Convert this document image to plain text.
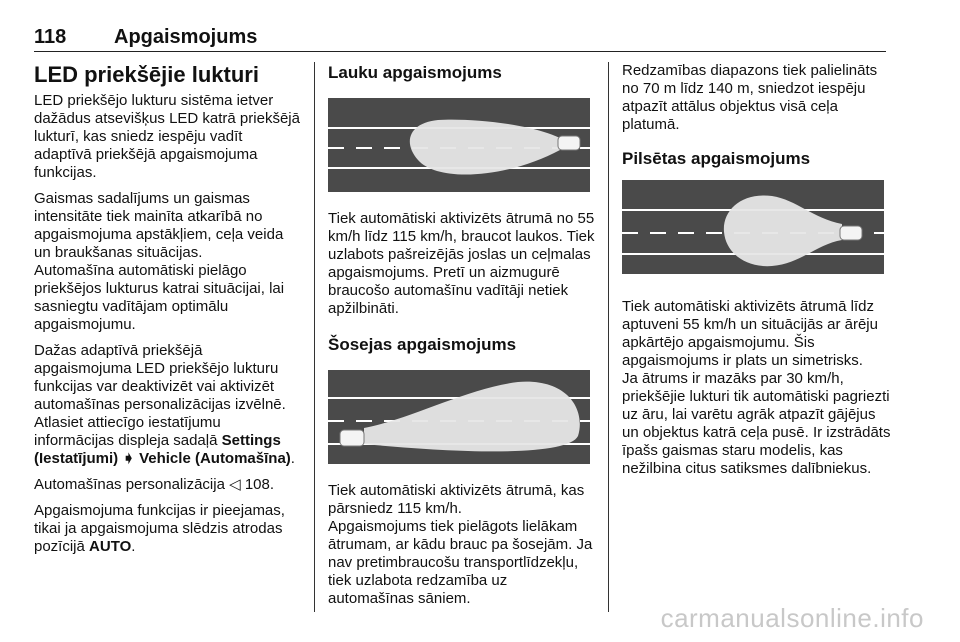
118 Apgaismojums
LED priekšējie lukturi

LED priekšējo lukturu sistēma ietver dažādus atsevišķus LED katrā priekšējā lukturī, kas sniedz iespēju vadīt adaptīvā priekšējā apgaismojuma funkcijas.

Gaismas sadalījums un gaismas intensitāte tiek mainīta atkarībā no apgaismojuma apstākļiem, ceļa veida un braukšanas situācijas.

Automašīna automātiski pielāgo priekšējos lukturus katrai situācijai, lai sasniegtu vadītājam optimālu apgaismojumu.

Dažas adaptīvā priekšējā apgaismojuma LED priekšējo lukturu funkcijas var deaktivizēt vai aktivizēt automašīnas personalizācijas izvēlnē. Atlasiet attiecīgo iestatījumu informācijas displeja sadaļā Settings (Iestatījumi) ➧ Vehicle (Automašīna).

Automašīnas personalizācija ◁ 108.

Apgaismojuma funkcijas ir pieejamas, tikai ja apgaismojuma slēdzis atrodas pozīcijā AUTO.

Lauku apgaismojums

Tiek automātiski aktivizēts ātrumā no 55 km/h līdz 115 km/h, braucot laukos. Tiek uzlabots pašreizējās joslas un ceļmalas apgaismojums. Pretī un aizmugurē braucošo automašīnu vadītāji netiek apžilbināti.

Šosejas apgaismojums

Tiek automātiski aktivizēts ātrumā, kas pārsniedz 115 km/h.

Apgaismojums tiek pielāgots lielākam ātrumam, ar kādu brauc pa šosejām. Ja nav pretimbraucošu transportlīdzekļu, tiek uzlabota redzamība uz automašīnas sāniem.

Redzamības diapazons tiek palielināts no 70 m līdz 140 m, sniedzot iespēju atpazīt attālus objektus visā ceļa platumā.

Pilsētas apgaismojums

Tiek automātiski aktivizēts ātrumā līdz aptuveni 55 km/h un situācijās ar ārēju apkārtējo apgaismojumu. Šis apgaismojums ir plats un simetrisks.

Ja ātrums ir mazāks par 30 km/h, priekšējie lukturi tik automātiski pagriezti uz āru, lai varētu agrāk atpazīt gājējus un objektus katrā ceļa pusē. Ir izstrādāts īpašs gaismas staru modelis, kas nežilbina citus satiksmes dalībniekus.

carmanualsonline.info
